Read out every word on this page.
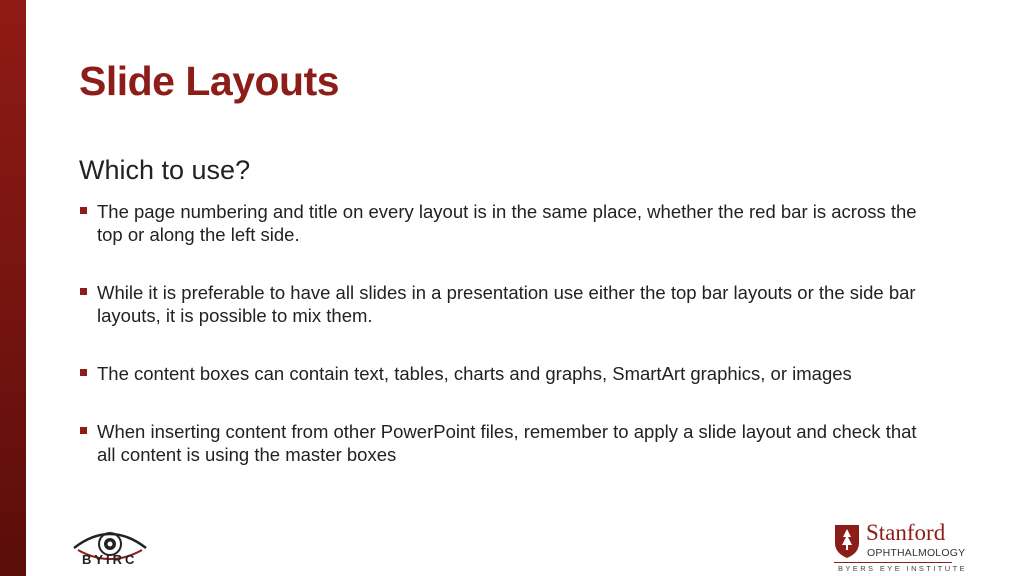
Slide Layouts
Which to use?
The page numbering and title on every layout is in the same place, whether the red bar is across the top or along the left side.
While it is preferable to have all slides in a presentation use either the top bar layouts or the side bar layouts, it is possible to mix them.
The content boxes can contain text, tables, charts and graphs, SmartArt graphics, or images
When inserting content from other PowerPoint files, remember to apply a slide layout and check that all content is using the master boxes
BYIRC
Stanford
OPHTHALMOLOGY
BYERS EYE INSTITUTE
